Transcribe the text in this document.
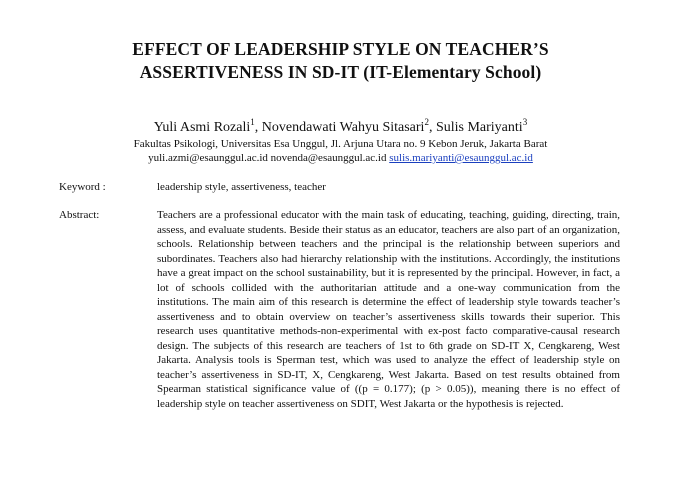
EFFECT OF LEADERSHIP STYLE ON TEACHER’S
ASSERTIVENESS IN SD-IT (IT-Elementary School)
Yuli Asmi Rozali$^1$, Novendawati Wahyu Sitasari$^2$, Sulis Mariyanti$^3$
Fakultas Psikologi, Universitas Esa Unggul, Jl. Arjuna Utara no. 9 Kebon Jeruk, Jakarta Barat
yuli.azmi@esaunggul.ac.id novenda@esaunggul.ac.id sulis.mariyanti@esaunggul.ac.id
Keyword :	leadership style, assertiveness, teacher
Abstract:	Teachers are a professional educator with the main task of educating, teaching, guiding, directing, train, assess, and evaluate students. Beside their status as an educator, teachers are also part of an organization, schools. Relationship between teachers and the principal is the relationship between superiors and subordinates. Teachers also had hierarchy relationship with the institutions. Accordingly, the institutions have a great impact on the school sustainability, but it is represented by the principal. However, in fact, a lot of schools collided with the authoritarian attitude and a one-way communication from the institutions. The main aim of this research is determine the effect of leadership style towards teacher’s assertiveness and to obtain overview on teacher’s assertiveness skills towards their superior. This research uses quantitative methods-non-experimental with ex-post facto comparative-causal research design. The subjects of this research are teachers of 1st to 6th grade on SD-IT X, Cengkareng, West Jakarta. Analysis tools is Sperman test, which was used to analyze the effect of leadership style on teacher’s assertiveness in SD-IT, X, Cengkareng, West Jakarta. Based on test results obtained from Spearman statistical significance value of ((p = 0.177); (p > 0.05)), meaning there is no effect of leadership style on teacher assertiveness on SDIT, West Jakarta or the hypothesis is rejected.
